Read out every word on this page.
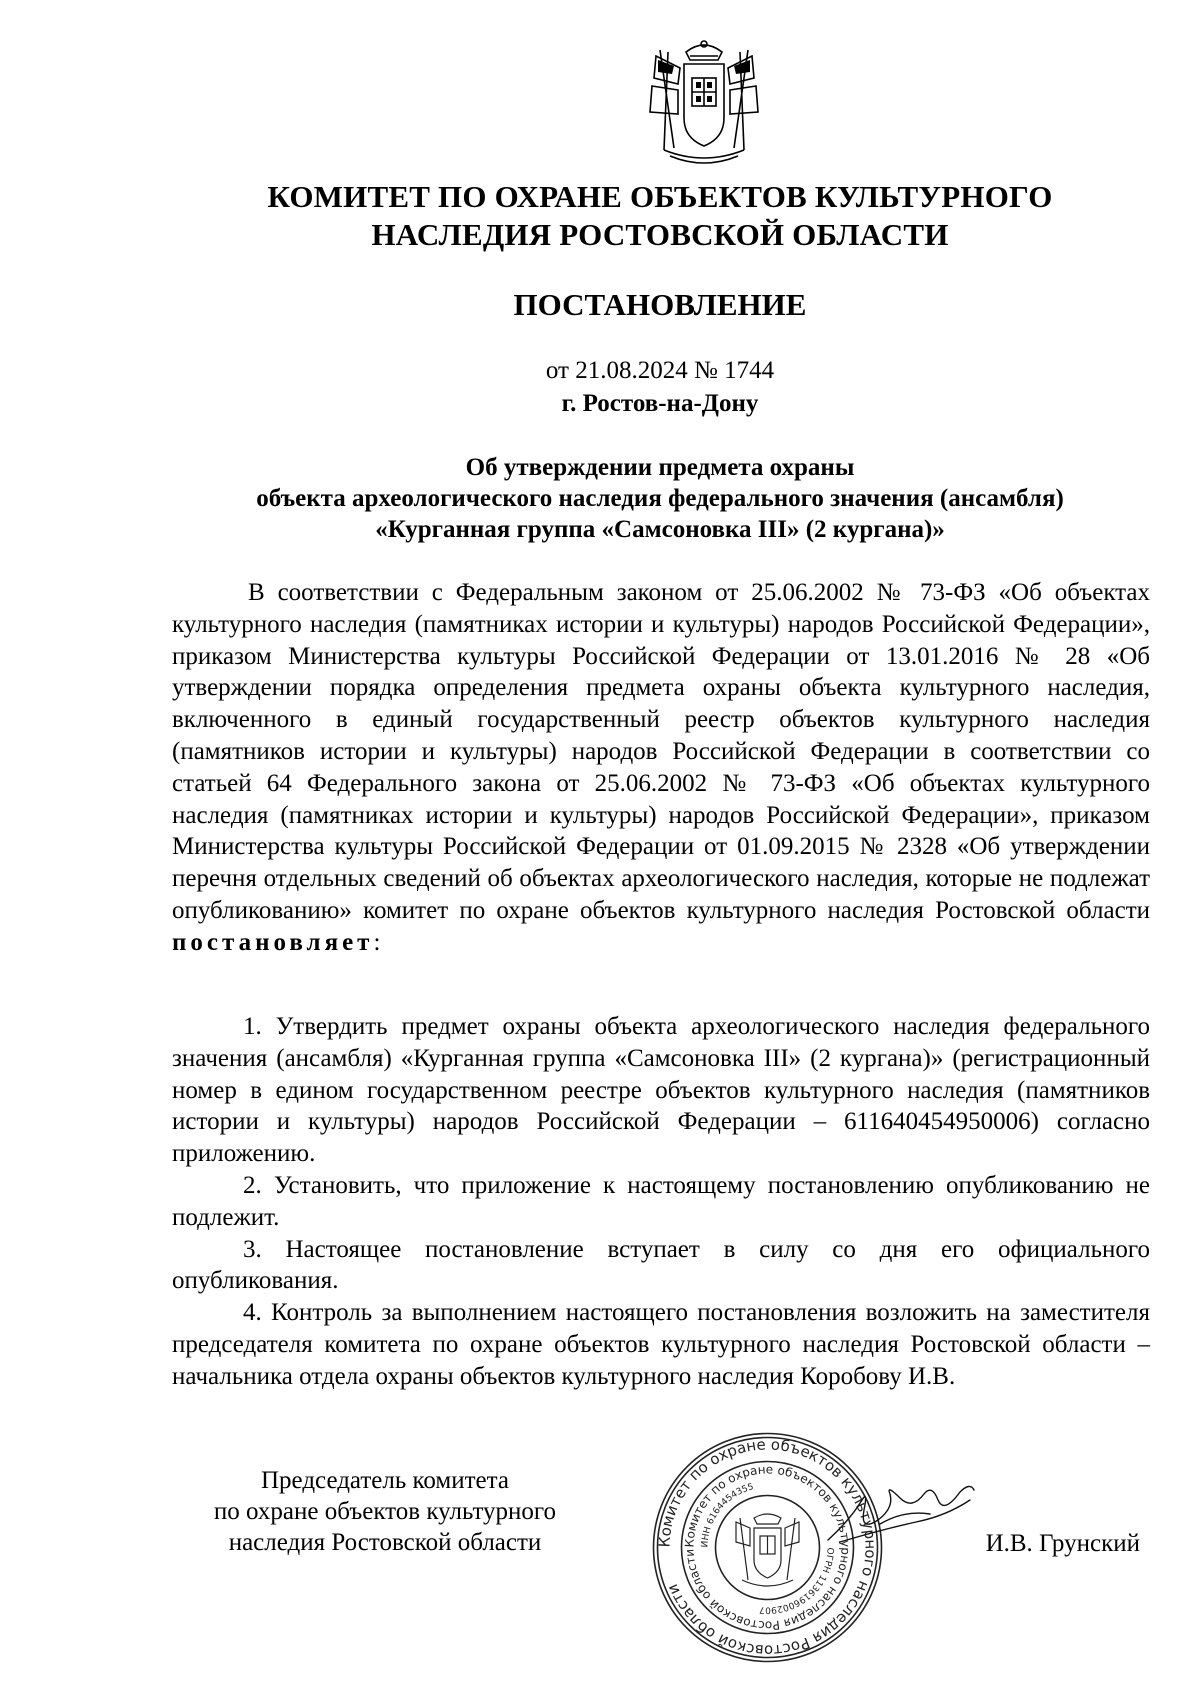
КОМИТЕТ ПО ОХРАНЕ ОБЪЕКТОВ КУЛЬТУРНОГО
НАСЛЕДИЯ РОСТОВСКОЙ ОБЛАСТИ
ПОСТАНОВЛЕНИЕ
от 21.08.2024 № 1744
г. Ростов-на-Дону
Об утверждении предмета охраны
объекта археологического наследия федерального значения (ансамбля)
«Курганная группа «Самсоновка III» (2 кургана)»

В соответствии с Федеральным законом от 25.06.2002 № 73-ФЗ «Об объектах культурного наследия (памятниках истории и культуры) народов Российской Федерации», приказом Министерства культуры Российской Федерации от 13.01.2016 № 28 «Об утверждении порядка определения предмета охраны объекта культурного наследия, включенного в единый государственный реестр объектов культурного наследия (памятников истории и культуры) народов Российской Федерации в соответствии со статьей 64 Федерального закона от 25.06.2002 № 73-ФЗ «Об объектах культурного наследия (памятниках истории и культуры) народов Российской Федерации», приказом Министерства культуры Российской Федерации от 01.09.2015 № 2328 «Об утверждении перечня отдельных сведений об объектах археологического наследия, которые не подлежат опубликованию» комитет по охране объектов культурного наследия Ростовской области постановляет:

1. Утвердить предмет охраны объекта археологического наследия федерального значения (ансамбля) «Курганная группа «Самсоновка III» (2 кургана)» (регистрационный номер в едином государственном реестре объектов культурного наследия (памятников истории и культуры) народов Российской Федерации – 611640454950006) согласно приложению.

2. Установить, что приложение к настоящему постановлению опубликованию не подлежит.

3. Настоящее постановление вступает в силу со дня его официального опубликования.

4. Контроль за выполнением настоящего постановления возложить на заместителя председателя комитета по охране объектов культурного наследия Ростовской области – начальника отдела охраны объектов культурного наследия Коробову И.В.

Председатель комитета
по охране объектов культурного
наследия Ростовской области	Комитет по охране объектов культурного наследия Ростовской области
Комитет по охране объектов культурного наследия Ростовской области
ИНН 6164454355
ОГРН 1136196002907
И.В. Грунский
